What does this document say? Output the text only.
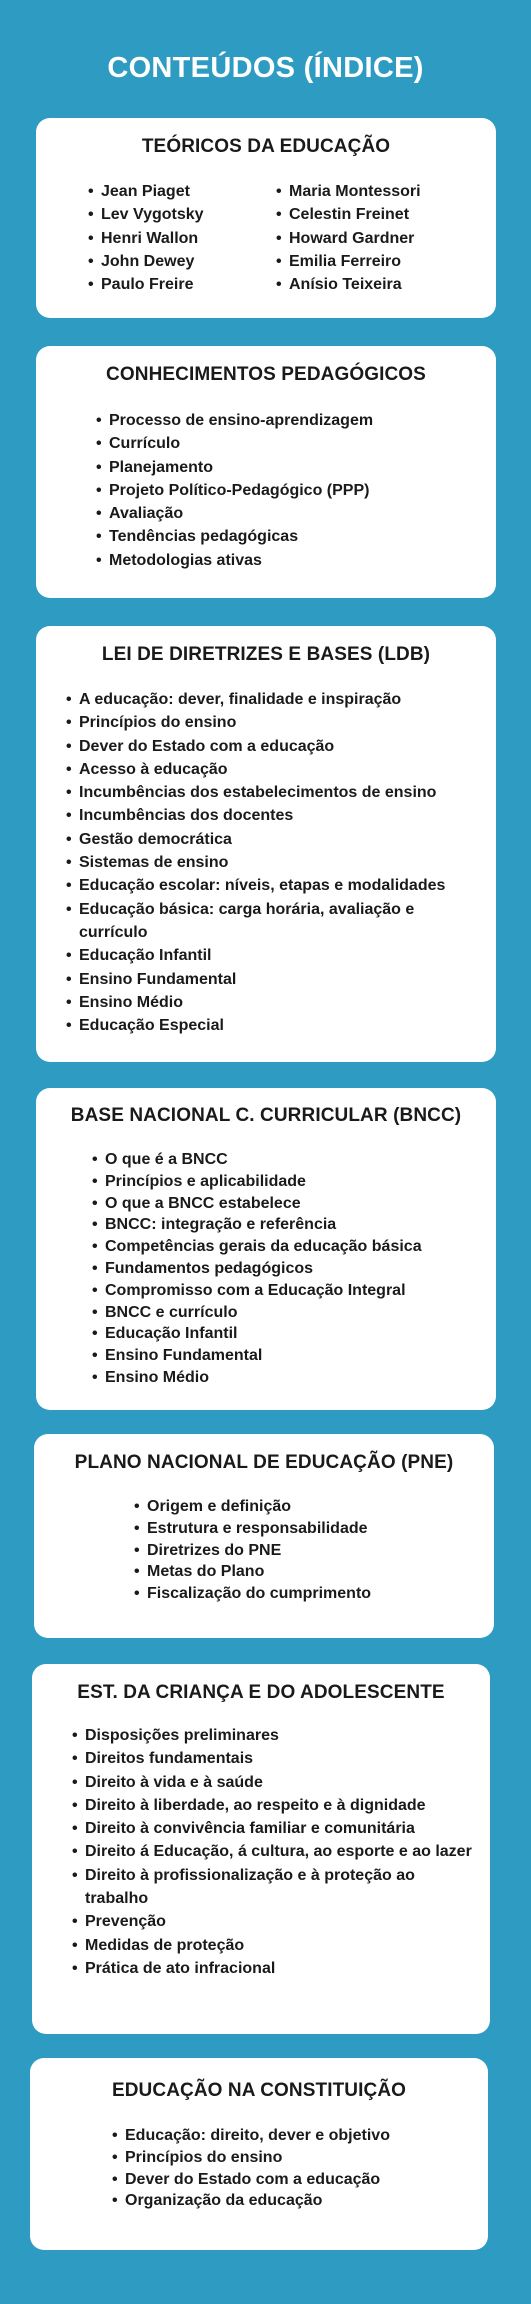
CONTEÚDOS (ÍNDICE)
TEÓRICOS DA EDUCAÇÃO
• Jean Piaget
• Lev Vygotsky
• Henri Wallon
• John Dewey
• Paulo Freire
• Maria Montessori
• Celestin Freinet
• Howard Gardner
• Emilia Ferreiro
• Anísio Teixeira
CONHECIMENTOS PEDAGÓGICOS
• Processo de ensino-aprendizagem
• Currículo
• Planejamento
• Projeto Político-Pedagógico (PPP)
• Avaliação
• Tendências pedagógicas
• Metodologias ativas
LEI DE DIRETRIZES E BASES (LDB)
• A educação: dever, finalidade e inspiração
• Princípios do ensino
• Dever do Estado com a educação
• Acesso à educação
• Incumbências dos estabelecimentos de ensino
• Incumbências dos docentes
• Gestão democrática
• Sistemas de ensino
• Educação escolar: níveis, etapas e modalidades
• Educação básica: carga horária, avaliação e currículo
• Educação Infantil
• Ensino Fundamental
• Ensino Médio
• Educação Especial
BASE NACIONAL C. CURRICULAR (BNCC)
• O que é a BNCC
• Princípios e aplicabilidade
• O que a BNCC estabelece
• BNCC: integração e referência
• Competências gerais da educação básica
• Fundamentos pedagógicos
• Compromisso com a Educação Integral
• BNCC e currículo
• Educação Infantil
• Ensino Fundamental
• Ensino Médio
PLANO NACIONAL DE EDUCAÇÃO (PNE)
• Origem e definição
• Estrutura e responsabilidade
• Diretrizes do PNE
• Metas do Plano
• Fiscalização do cumprimento
EST. DA CRIANÇA E DO ADOLESCENTE
• Disposições preliminares
• Direitos fundamentais
• Direito à vida e à saúde
• Direito à liberdade, ao respeito e à dignidade
• Direito à convivência familiar e comunitária
• Direito á Educação, á cultura, ao esporte e ao lazer
• Direito à profissionalização e à proteção ao trabalho
• Prevenção
• Medidas de proteção
• Prática de ato infracional
EDUCAÇÃO NA CONSTITUIÇÃO
• Educação: direito, dever e objetivo
• Princípios do ensino
• Dever do Estado com a educação
• Organização da educação
